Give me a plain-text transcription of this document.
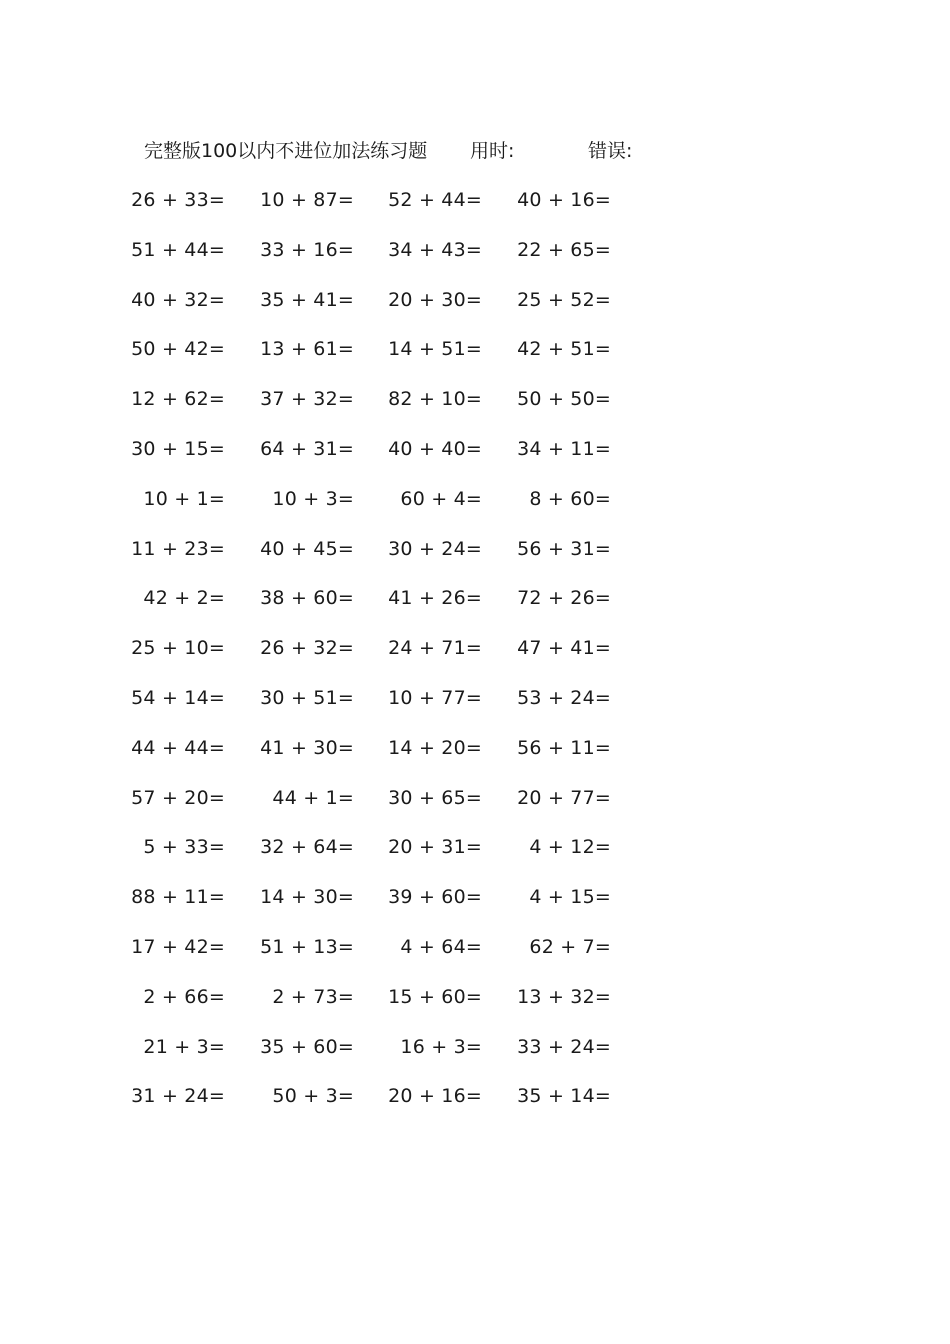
完整版100以内不进位加法练习题 用时:	错误:
26 + 33= 10 + 87= 52 + 44= 40 + 16=
51 + 44= 33 + 16= 34 + 43= 22 + 65=
40 + 32= 35 + 41= 20 + 30= 25 + 52=
50 + 42= 13 + 61= 14 + 51= 42 + 51=
12 + 62= 37 + 32= 82 + 10= 50 + 50=
30 + 15= 64 + 31= 40 + 40= 34 + 11=
10 + 1= 10 + 3= 60 + 4= 8 + 60=
11 + 23= 40 + 45= 30 + 24= 56 + 31=
42 + 2= 38 + 60= 41 + 26= 72 + 26=
25 + 10= 26 + 32= 24 + 71= 47 + 41=
54 + 14= 30 + 51= 10 + 77= 53 + 24=
44 + 44= 41 + 30= 14 + 20= 56 + 11=
57 + 20= 44 + 1= 30 + 65= 20 + 77=
5 + 33= 32 + 64= 20 + 31= 4 + 12=
88 + 11= 14 + 30= 39 + 60= 4 + 15=
17 + 42= 51 + 13= 4 + 64= 62 + 7=
2 + 66= 2 + 73= 15 + 60= 13 + 32=
21 + 3= 35 + 60= 16 + 3= 33 + 24=
31 + 24= 50 + 3= 20 + 16= 35 + 14=
